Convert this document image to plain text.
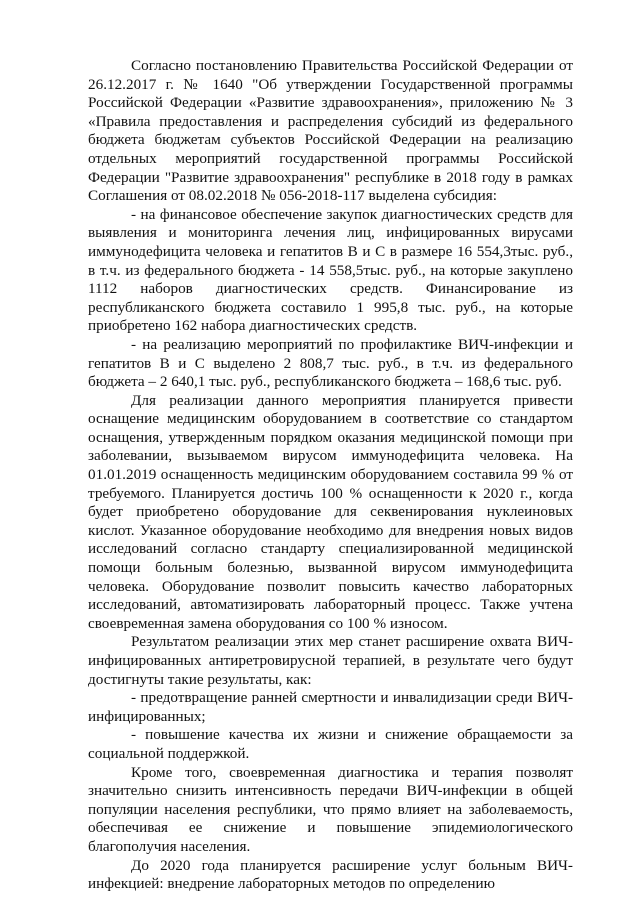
Согласно постановлению Правительства Российской Федерации от 26.12.2017 г. № 1640 "Об утверждении Государственной программы Российской Федерации «Развитие здравоохранения», приложению № 3 «Правила предоставления и распределения субсидий из федерального бюджета бюджетам субъектов Российской Федерации на реализацию отдельных мероприятий государственной программы Российской Федерации "Развитие здравоохранения" республике в 2018 году в рамках Соглашения от 08.02.2018 № 056-2018-117 выделена субсидия:

- на финансовое обеспечение закупок диагностических средств для выявления и мониторинга лечения лиц, инфицированных вирусами иммунодефицита человека и гепатитов В и С в размере 16 554,3тыс. руб., в т.ч. из федерального бюджета - 14 558,5тыс. руб., на которые закуплено 1112 наборов диагностических средств. Финансирование из республиканского бюджета составило 1 995,8 тыс. руб., на которые приобретено 162 набора диагностических средств.

- на реализацию мероприятий по профилактике ВИЧ-инфекции и гепатитов В и С выделено 2 808,7 тыс. руб., в т.ч. из федерального бюджета – 2 640,1 тыс. руб., республиканского бюджета – 168,6 тыс. руб.

Для реализации данного мероприятия планируется привести оснащение медицинским оборудованием в соответствие со стандартом оснащения, утвержденным порядком оказания медицинской помощи при заболевании, вызываемом вирусом иммунодефицита человека. На 01.01.2019 оснащенность медицинским оборудованием составила 99 % от требуемого. Планируется достичь 100 % оснащенности к 2020 г., когда будет приобретено оборудование для секвенирования нуклеиновых кислот. Указанное оборудование необходимо для внедрения новых видов исследований согласно стандарту специализированной медицинской помощи больным болезнью, вызванной вирусом иммунодефицита человека. Оборудование позволит повысить качество лабораторных исследований, автоматизировать лабораторный процесс. Также учтена своевременная замена оборудования со 100 % износом.

Результатом реализации этих мер станет расширение охвата ВИЧ-инфицированных антиретровирусной терапией, в результате чего будут достигнуты такие результаты, как:

- предотвращение ранней смертности и инвалидизации среди ВИЧ-инфицированных;

- повышение качества их жизни и снижение обращаемости за социальной поддержкой.

Кроме того, своевременная диагностика и терапия позволят значительно снизить интенсивность передачи ВИЧ-инфекции в общей популяции населения республики, что прямо влияет на заболеваемость, обеспечивая ее снижение и повышение эпидемиологического благополучия населения.

До 2020 года планируется расширение услуг больным ВИЧ-инфекцией: внедрение лабораторных методов по определению
